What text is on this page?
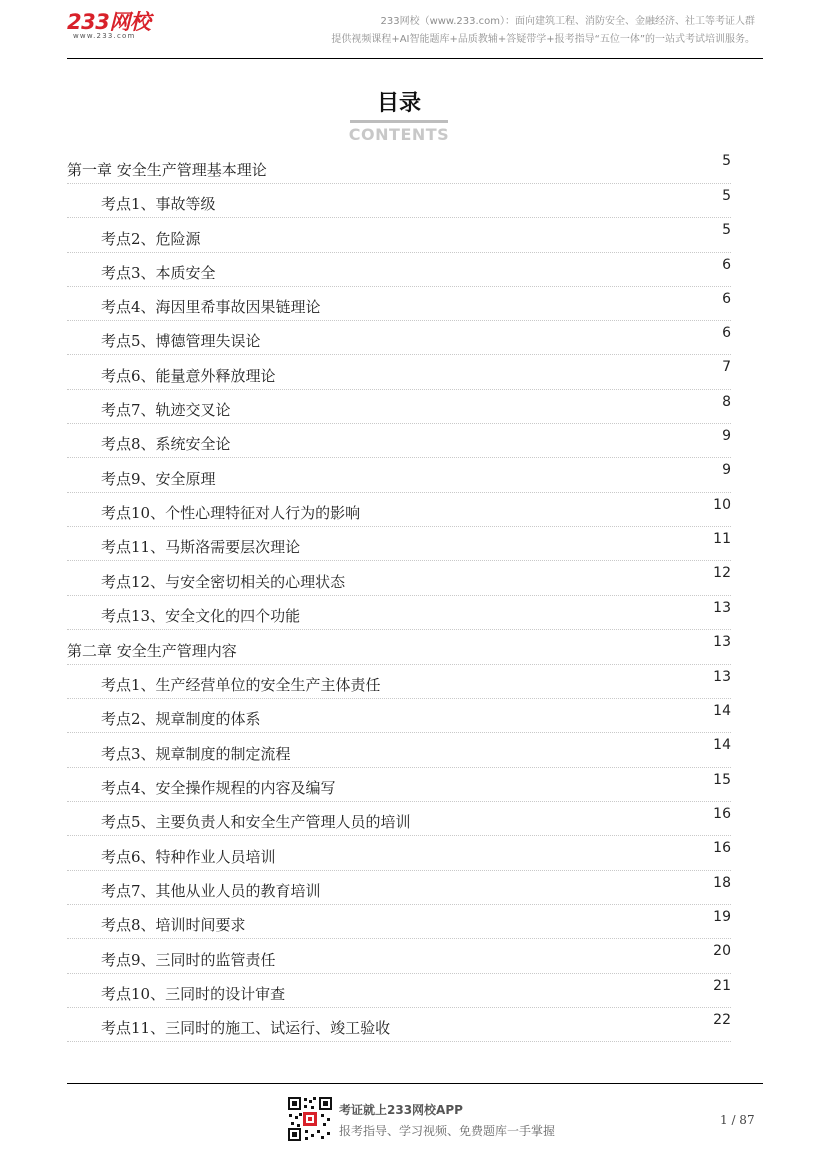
233网校
www.233.com
233网校（www.233.com）：面向建筑工程、消防安全、金融经济、社工等考证人群
提供视频课程+AI智能题库+品质教辅+答疑带学+报考指导“五位一体”的一站式考试培训服务。
目录
CONTENTS
第一章 安全生产管理基本理论	5
考点1、事故等级	5
考点2、危险源	5
考点3、本质安全	6
考点4、海因里希事故因果链理论	6
考点5、博德管理失误论	6
考点6、能量意外释放理论	7
考点7、轨迹交叉论	8
考点8、系统安全论	9
考点9、安全原理	9
考点10、个性心理特征对人行为的影响	10
考点11、马斯洛需要层次理论	11
考点12、与安全密切相关的心理状态	12
考点13、安全文化的四个功能	13
第二章 安全生产管理内容	13
考点1、生产经营单位的安全生产主体责任	13
考点2、规章制度的体系	14
考点3、规章制度的制定流程	14
考点4、安全操作规程的内容及编写	15
考点5、主要负责人和安全生产管理人员的培训	16
考点6、特种作业人员培训	16
考点7、其他从业人员的教育培训	18
考点8、培训时间要求	19
考点9、三同时的监管责任	20
考点10、三同时的设计审查	21
考点11、三同时的施工、试运行、竣工验收	22
考证就上233网校APP
报考指导、学习视频、免费题库一手掌握
1 / 87
